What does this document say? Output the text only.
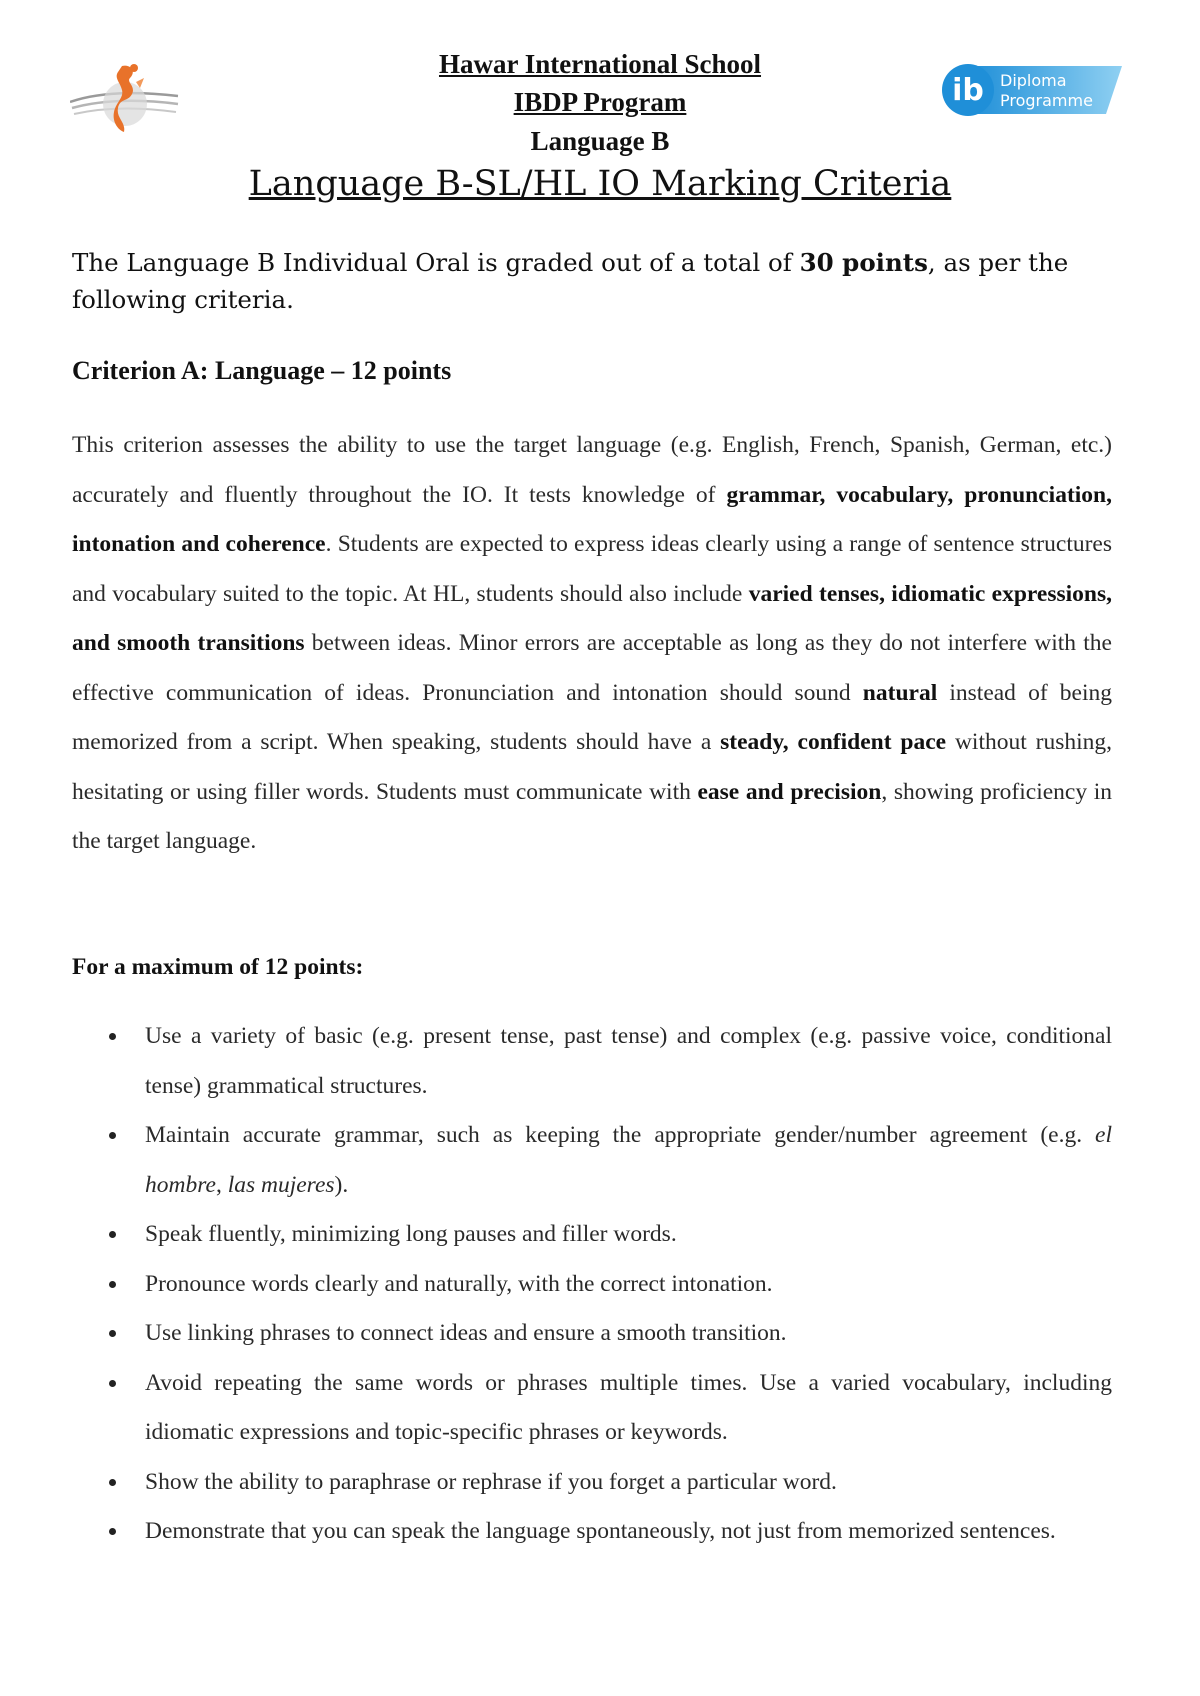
ib Diploma
Programme
Hawar International School
IBDP Program
Language B
Language B-SL/HL IO Marking Criteria
The Language B Individual Oral is graded out of a total of 30 points, as per the following criteria.
Criterion A: Language – 12 points
This criterion assesses the ability to use the target language (e.g. English, French, Spanish, German, etc.) accurately and fluently throughout the IO. It tests knowledge of grammar, vocabulary, pronunciation, intonation and coherence. Students are expected to express ideas clearly using a range of sentence structures and vocabulary suited to the topic. At HL, students should also include varied tenses, idiomatic expressions, and smooth transitions between ideas. Minor errors are acceptable as long as they do not interfere with the effective communication of ideas. Pronunciation and intonation should sound natural instead of being memorized from a script. When speaking, students should have a steady, confident pace without rushing, hesitating or using filler words. Students must communicate with ease and precision, showing proficiency in the target language.
For a maximum of 12 points:
Use a variety of basic (e.g. present tense, past tense) and complex (e.g. passive voice, conditional tense) grammatical structures.
Maintain accurate grammar, such as keeping the appropriate gender/number agreement (e.g. el hombre, las mujeres).
Speak fluently, minimizing long pauses and filler words.
Pronounce words clearly and naturally, with the correct intonation.
Use linking phrases to connect ideas and ensure a smooth transition.
Avoid repeating the same words or phrases multiple times. Use a varied vocabulary, including idiomatic expressions and topic-specific phrases or keywords.
Show the ability to paraphrase or rephrase if you forget a particular word.
Demonstrate that you can speak the language spontaneously, not just from memorized sentences.
